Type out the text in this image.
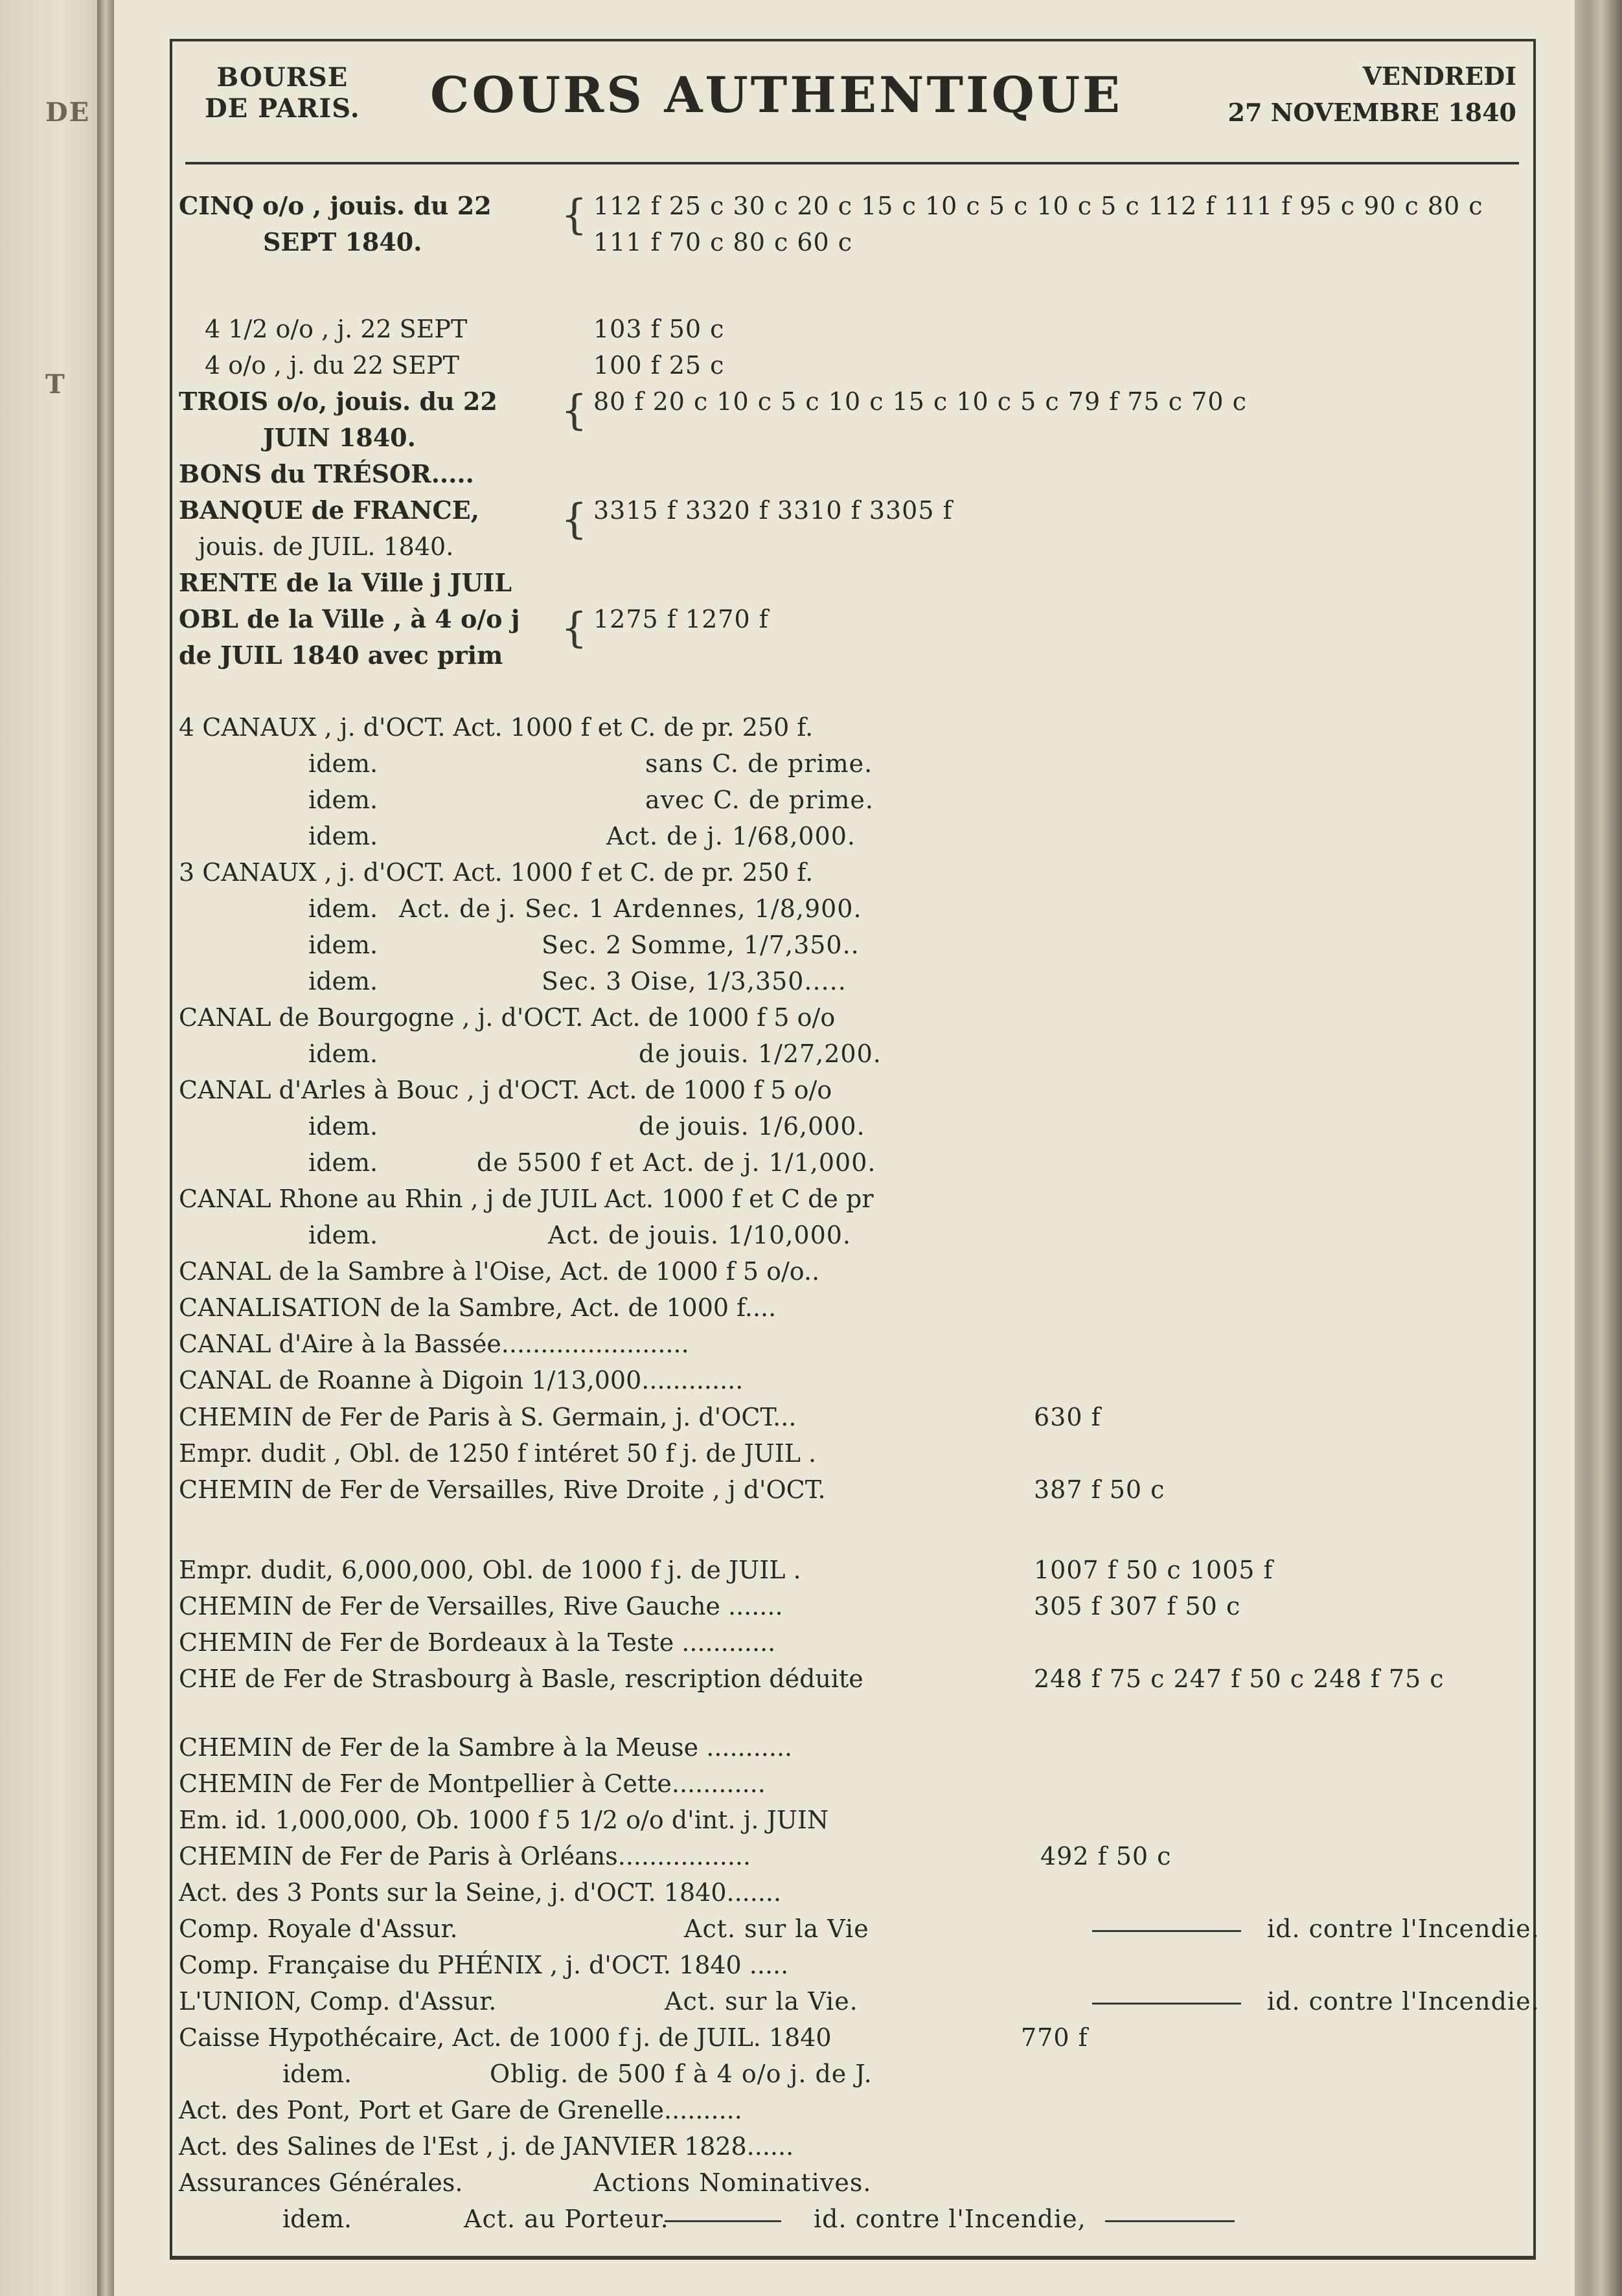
DE
T
BOURSE
DE PARIS.	COURS AUTHENTIQUE	VENDREDI
27 NOVEMBRE 1840
CINQ o/o , jouis. du 22 { 112 f 25 c 30 c 20 c 15 c 10 c 5 c 10 c 5 c 112 f 111 f 95 c 90 c 80 c
SEPT 1840.	111 f 70 c 80 c 60 c
4 1/2 o/o , j. 22 SEPT	103 f 50 c
4 o/o , j. du 22 SEPT	100 f 25 c
TROIS o/o, jouis. du 22 { 80 f 20 c 10 c 5 c 10 c 15 c 10 c 5 c 79 f 75 c 70 c
JUIN 1840.
BONS du TRÉSOR.....
BANQUE de FRANCE, { 3315 f 3320 f 3310 f 3305 f
jouis. de JUIL. 1840.
RENTE de la Ville j JUIL
OBL de la Ville , à 4 o/o j { 1275 f 1270 f
de JUIL 1840 avec prim
4 CANAUX , j. d'OCT. Act. 1000 f et C. de pr. 250 f.
idem.	sans C. de prime.
idem.	avec C. de prime.
idem.	Act. de j. 1/68,000.
3 CANAUX , j. d'OCT. Act. 1000 f et C. de pr. 250 f.
idem. Act. de j. Sec. 1 Ardennes, 1/8,900.
idem.	Sec. 2 Somme, 1/7,350..
idem.	Sec. 3 Oise, 1/3,350.....
CANAL de Bourgogne , j. d'OCT. Act. de 1000 f 5 o/o
idem.	de jouis. 1/27,200.
CANAL d'Arles à Bouc , j d'OCT. Act. de 1000 f 5 o/o
idem.	de jouis. 1/6,000.
idem.	de 5500 f et Act. de j. 1/1,000.
CANAL Rhone au Rhin , j de JUIL Act. 1000 f et C de pr
idem.	Act. de jouis. 1/10,000.
CANAL de la Sambre à l'Oise, Act. de 1000 f 5 o/o..
CANALISATION de la Sambre, Act. de 1000 f....
CANAL d'Aire à la Bassée........................
CANAL de Roanne à Digoin 1/13,000.............
CHEMIN de Fer de Paris à S. Germain, j. d'OCT...	630 f
Empr. dudit , Obl. de 1250 f intéret 50 f j. de JUIL .
CHEMIN de Fer de Versailles, Rive Droite , j d'OCT.	387 f 50 c
Empr. dudit, 6,000,000, Obl. de 1000 f j. de JUIL .	1007 f 50 c 1005 f
CHEMIN de Fer de Versailles, Rive Gauche .......	305 f 307 f 50 c
CHEMIN de Fer de Bordeaux à la Teste ............
CHE de Fer de Strasbourg à Basle, rescription déduite	248 f 75 c 247 f 50 c 248 f 75 c
CHEMIN de Fer de la Sambre à la Meuse ...........
CHEMIN de Fer de Montpellier à Cette............
Em. id. 1,000,000, Ob. 1000 f 5 1/2 o/o d'int. j. JUIN
CHEMIN de Fer de Paris à Orléans.................	492 f 50 c
Act. des 3 Ponts sur la Seine, j. d'OCT. 1840.......
Comp. Royale d'Assur.	Act. sur la Vie	id. contre l'Incendie.
Comp. Française du PHÉNIX , j. d'OCT. 1840 .....
L'UNION, Comp. d'Assur.	Act. sur la Vie.	id. contre l'Incendie.
Caisse Hypothécaire, Act. de 1000 f j. de JUIL. 1840	770 f
idem.	Oblig. de 500 f à 4 o/o j. de J.
Act. des Pont, Port et Gare de Grenelle..........
Act. des Salines de l'Est , j. de JANVIER 1828......
Assurances Générales.	Actions Nominatives.
idem.	Act. au Porteur.	id. contre l'Incendie,
